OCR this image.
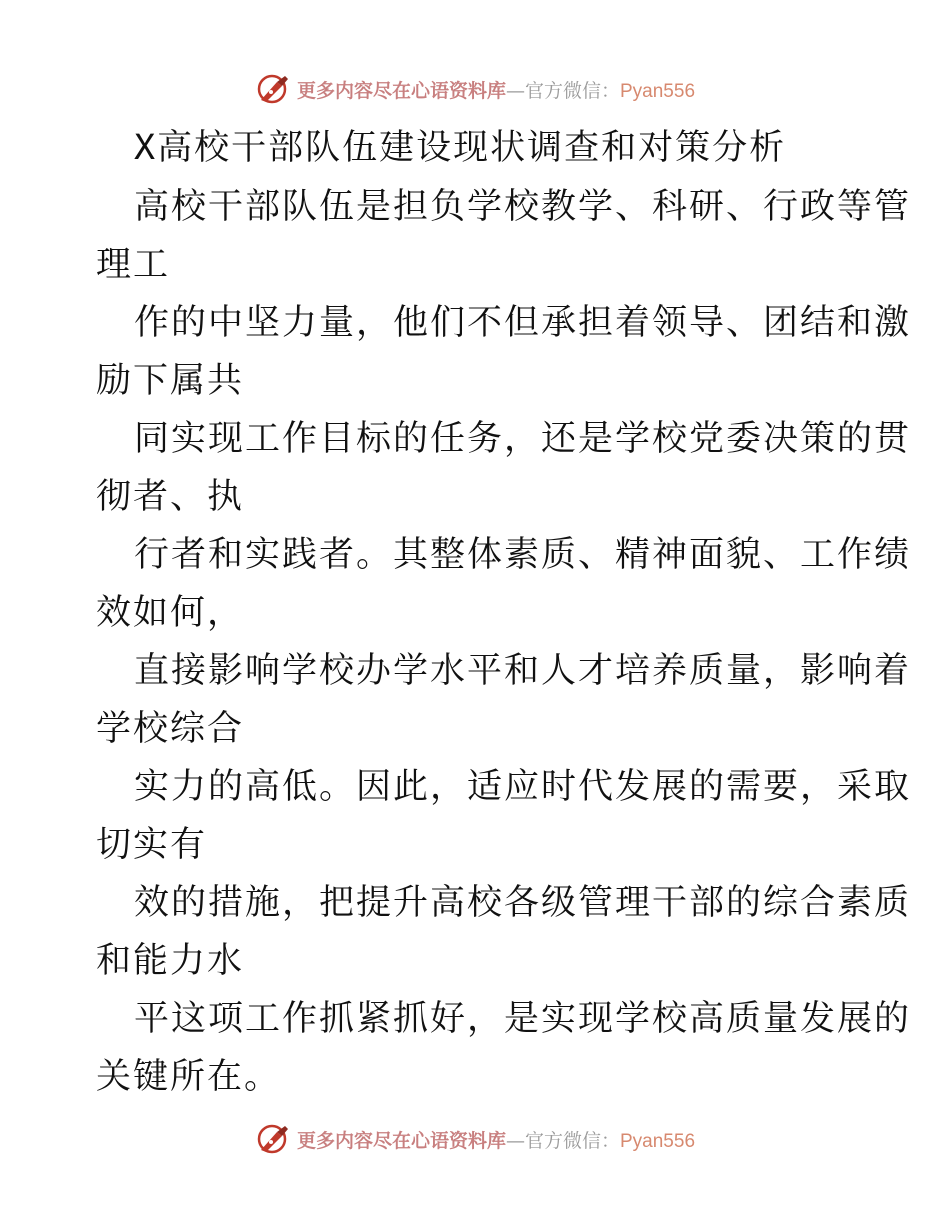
更多内容尽在心语资料库—官方微信：Pyan556
X高校干部队伍建设现状调查和对策分析
高校干部队伍是担负学校教学、科研、行政等管
理工
作的中坚力量，他们不但承担着领导、团结和激
励下属共
同实现工作目标的任务，还是学校党委决策的贯
彻者、执
行者和实践者。其整体素质、精神面貌、工作绩
效如何，
直接影响学校办学水平和人才培养质量，影响着
学校综合
实力的高低。因此，适应时代发展的需要，采取
切实有
效的措施，把提升高校各级管理干部的综合素质
和能力水
平这项工作抓紧抓好，是实现学校高质量发展的
关键所在。
更多内容尽在心语资料库—官方微信：Pyan556
